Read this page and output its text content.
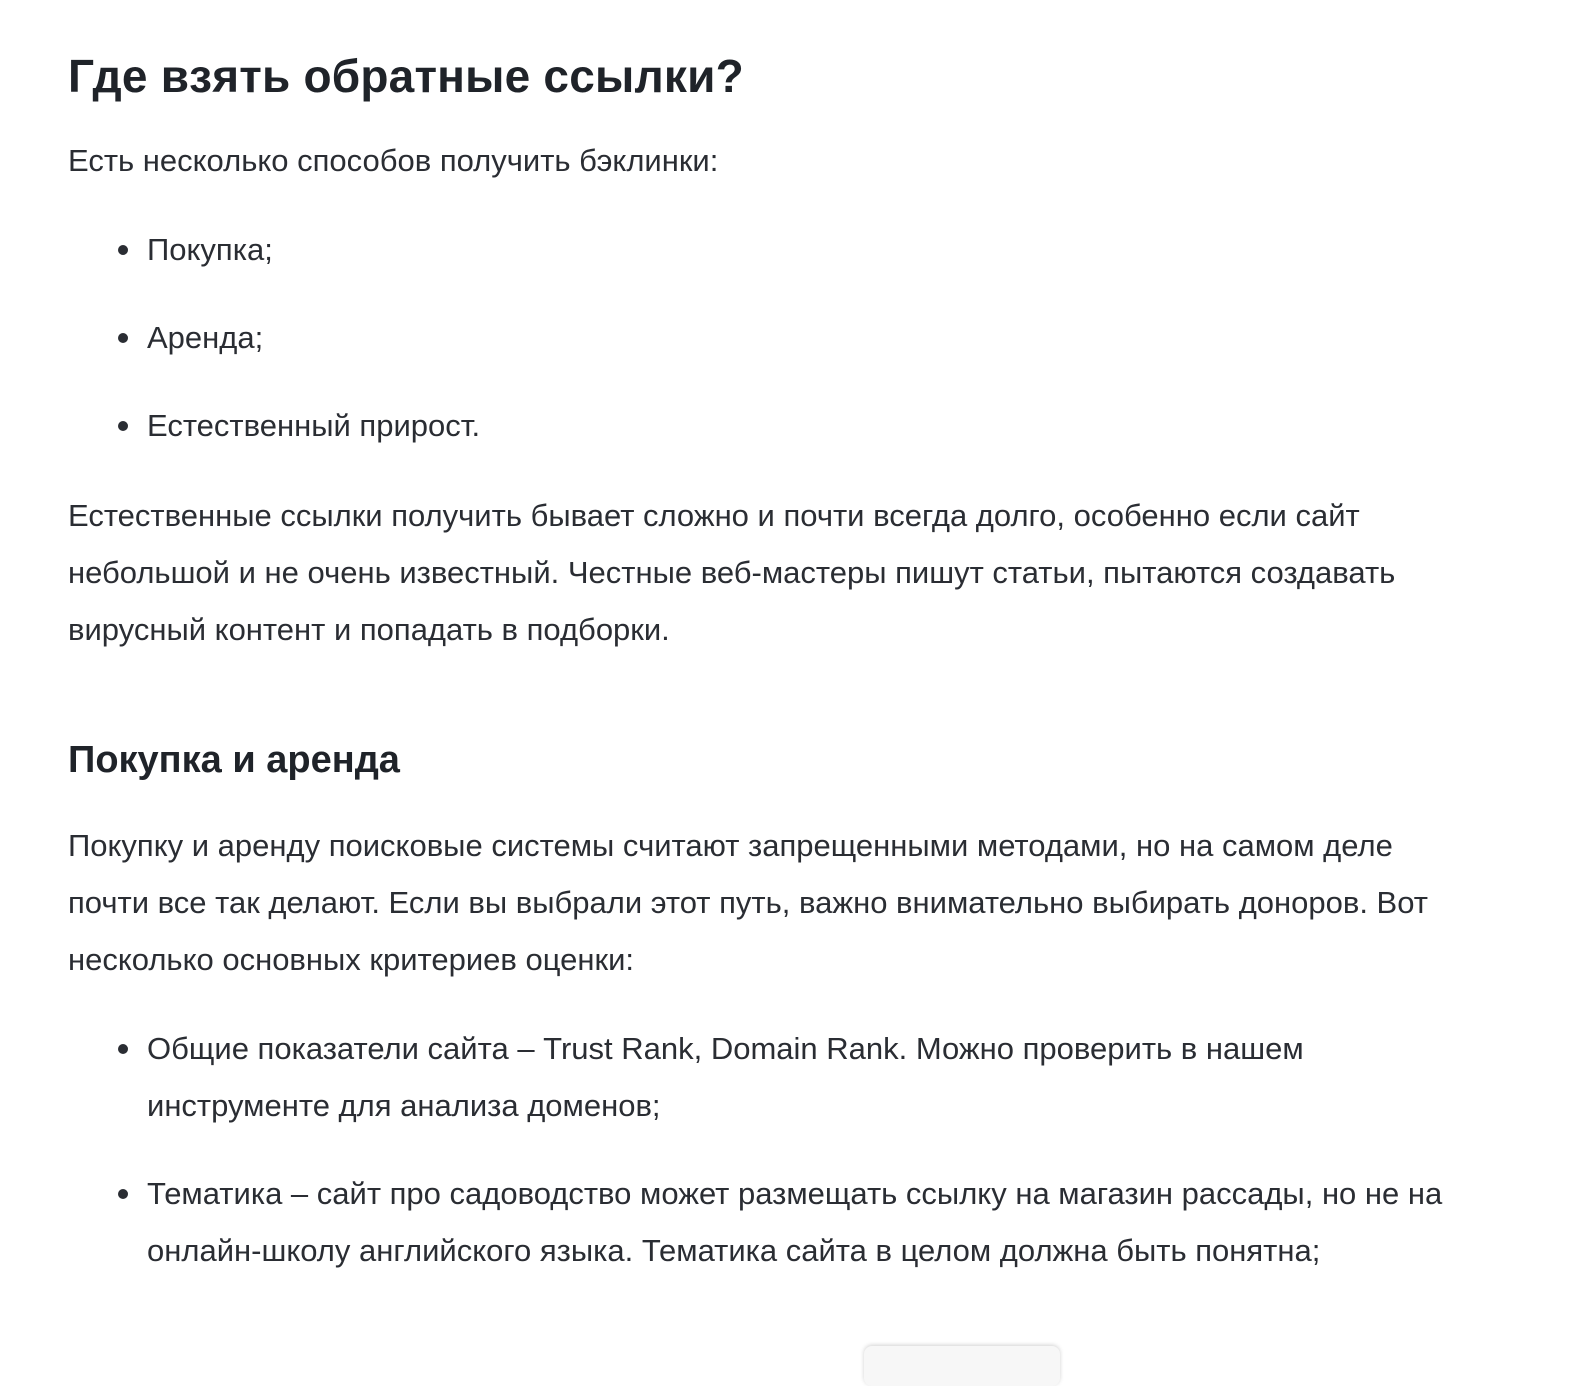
Где взять обратные ссылки?

Есть несколько способов получить бэклинки:

Покупка;
Аренда;
Естественный прирост.

Естественные ссылки получить бывает сложно и почти всегда долго, особенно если сайт небольшой и не очень известный. Честные веб-мастеры пишут статьи, пытаются создавать вирусный контент и попадать в подборки.

Покупка и аренда

Покупку и аренду поисковые системы считают запрещенными методами, но на самом деле почти все так делают. Если вы выбрали этот путь, важно внимательно выбирать доноров. Вот несколько основных критериев оценки:

Общие показатели сайта – Trust Rank, Domain Rank. Можно проверить в нашем инструменте для анализа доменов;
Тематика – сайт про садоводство может размещать ссылку на магазин рассады, но не на онлайн-школу английского языка. Тематика сайта в целом должна быть понятна;
